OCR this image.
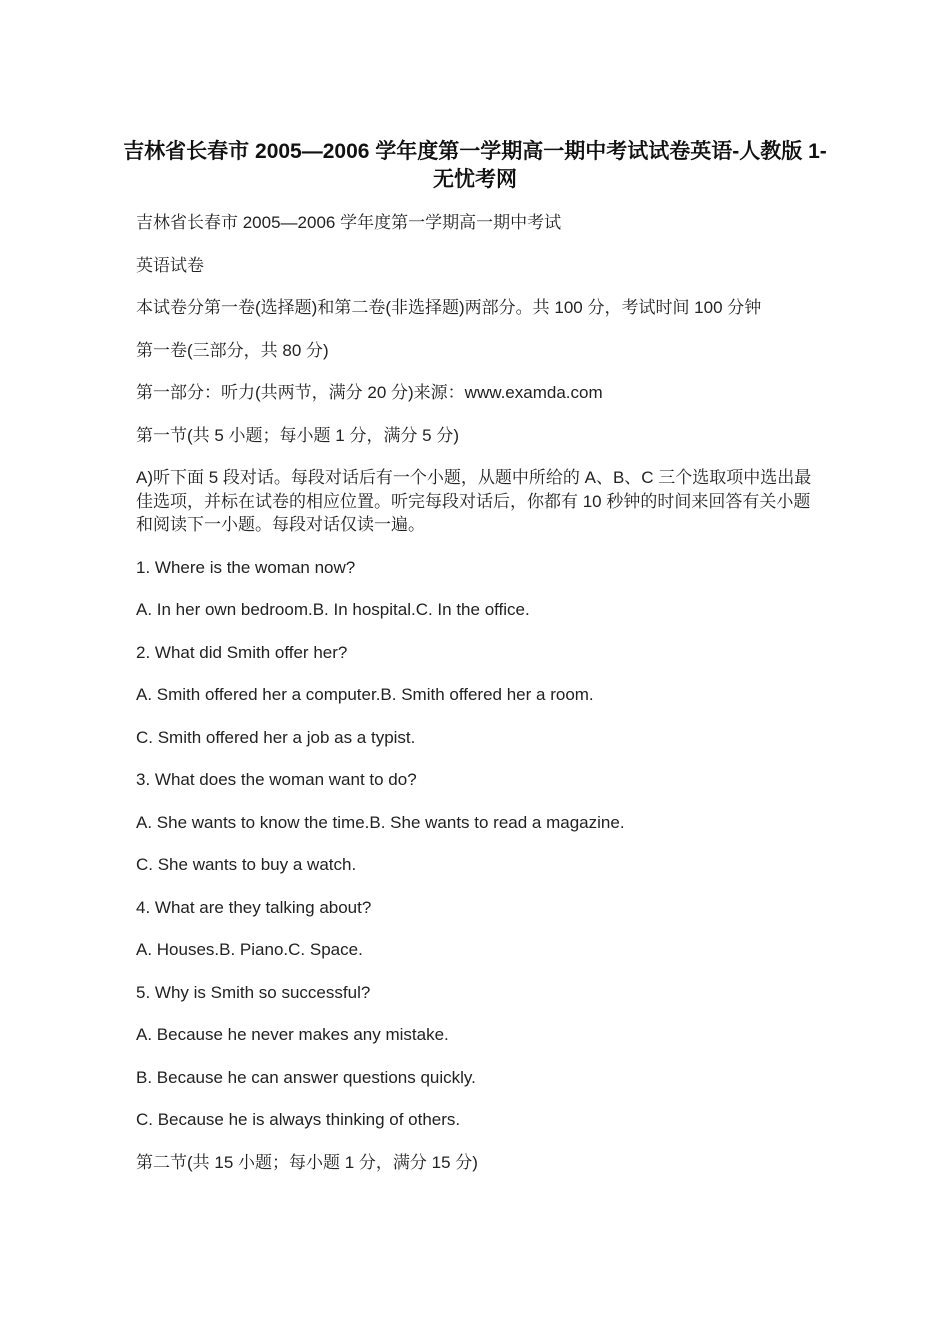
吉林省长春市 2005—2006 学年度第一学期高一期中考试试卷英语-人教版 1-无忧考网

吉林省长春市 2005—2006 学年度第一学期高一期中考试

英语试卷

本试卷分第一卷(选择题)和第二卷(非选择题)两部分。共 100 分，考试时间 100 分钟

第一卷(三部分，共 80 分)

第一部分：听力(共两节，满分 20 分)来源：www.examda.com

第一节(共 5 小题；每小题 1 分，满分 5 分)

A)听下面 5 段对话。每段对话后有一个小题，从题中所给的 A、B、C 三个选取项中选出最佳选项，并标在试卷的相应位置。听完每段对话后，你都有 10 秒钟的时间来回答有关小题和阅读下一小题。每段对话仅读一遍。

1. Where is the woman now?

A. In her own bedroom.B. In hospital.C. In the office.

2. What did Smith offer her?

A. Smith offered her a computer.B. Smith offered her a room.

C. Smith offered her a job as a typist.

3. What does the woman want to do?

A. She wants to know the time.B. She wants to read a magazine.

C. She wants to buy a watch.

4. What are they talking about?

A. Houses.B. Piano.C. Space.

5. Why is Smith so successful?

A. Because he never makes any mistake.

B. Because he can answer questions quickly.

C. Because he is always thinking of others.

第二节(共 15 小题；每小题 1 分，满分 15 分)
